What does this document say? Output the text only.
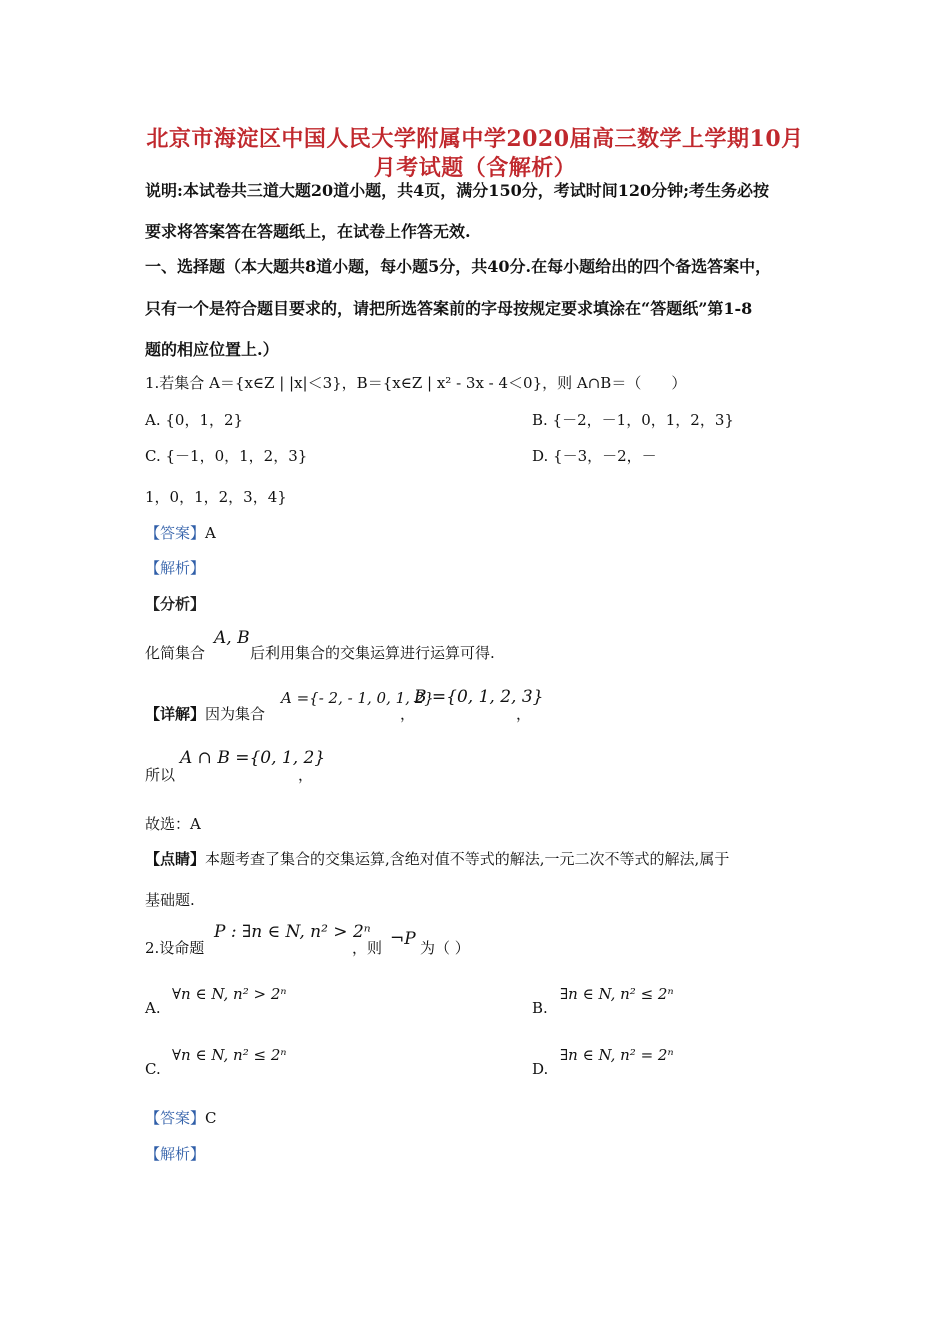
北京市海淀区中国人民大学附属中学2020届高三数学上学期10月
月考试题（含解析）
说明:本试卷共三道大题20道小题，共4页，满分150分，考试时间120分钟;考生务必按
要求将答案答在答题纸上，在试卷上作答无效.
一、选择题（本大题共8道小题，每小题5分，共40分.在每小题给出的四个备选答案中，
只有一个是符合题目要求的，请把所选答案前的字母按规定要求填涂在“答题纸”第1-8
题的相应位置上.）
1.若集合 A＝{x∈Z | |x|＜3}，B＝{x∈Z | x² - 3x - 4＜0}，则 A∩B＝（　　）
A. {0，1，2}	B. {－2，－1，0，1，2，3}
C. {－1，0，1，2，3}	D. {－3，－2，－
1，0，1，2，3，4}
【答案】A
【解析】
【分析】
化简集合
A, B
后利用集合的交集运算进行运算可得.
【详解】因为集合
A ={- 2, - 1, 0, 1, 2}
，
B ={0, 1, 2, 3}
，
所以
A ∩ B ={0, 1, 2}
，
故选：A
【点睛】本题考查了集合的交集运算,含绝对值不等式的解法,一元二次不等式的解法,属于
基础题.
2.设命题
P : ∃n ∈ N, n² > 2ⁿ
，则 ¬P 为（ ）
A.
∀n ∈ N, n² > 2ⁿ
B.
∃n ∈ N, n² ≤ 2ⁿ
C.
∀n ∈ N, n² ≤ 2ⁿ
D.
∃n ∈ N, n² = 2ⁿ
【答案】C
【解析】
